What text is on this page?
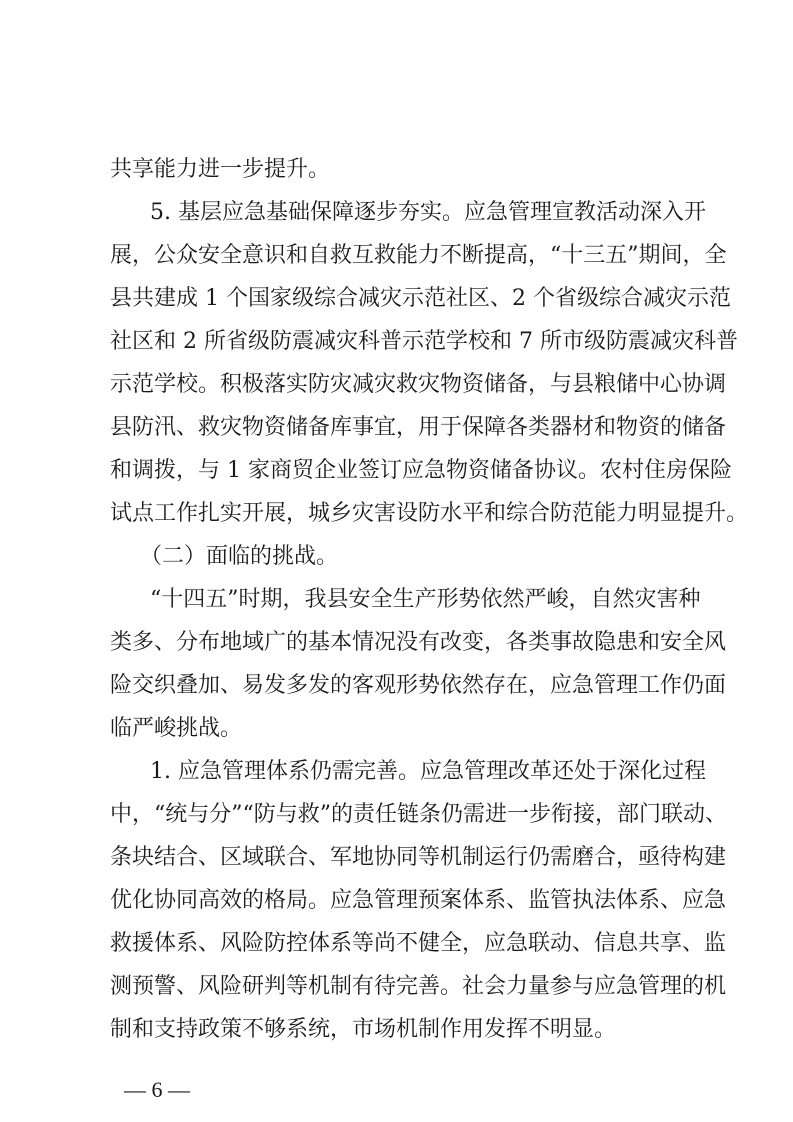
共享能力进一步提升。
5. 基层应急基础保障逐步夯实。应急管理宣教活动深入开
展，公众安全意识和自救互救能力不断提高，“十三五”期间，全
县共建成 1 个国家级综合减灾示范社区、2 个省级综合减灾示范
社区和 2 所省级防震减灾科普示范学校和 7 所市级防震减灾科普
示范学校。积极落实防灾减灾救灾物资储备，与县粮储中心协调
县防汛、救灾物资储备库事宜，用于保障各类器材和物资的储备
和调拨，与 1 家商贸企业签订应急物资储备协议。农村住房保险
试点工作扎实开展，城乡灾害设防水平和综合防范能力明显提升。
（二）面临的挑战。
“十四五”时期，我县安全生产形势依然严峻，自然灾害种
类多、分布地域广的基本情况没有改变，各类事故隐患和安全风
险交织叠加、易发多发的客观形势依然存在，应急管理工作仍面
临严峻挑战。
1. 应急管理体系仍需完善。应急管理改革还处于深化过程
中，“统与分”“防与救”的责任链条仍需进一步衔接，部门联动、
条块结合、区域联合、军地协同等机制运行仍需磨合，亟待构建
优化协同高效的格局。应急管理预案体系、监管执法体系、应急
救援体系、风险防控体系等尚不健全，应急联动、信息共享、监
测预警、风险研判等机制有待完善。社会力量参与应急管理的机
制和支持政策不够系统，市场机制作用发挥不明显。
— 6 —
